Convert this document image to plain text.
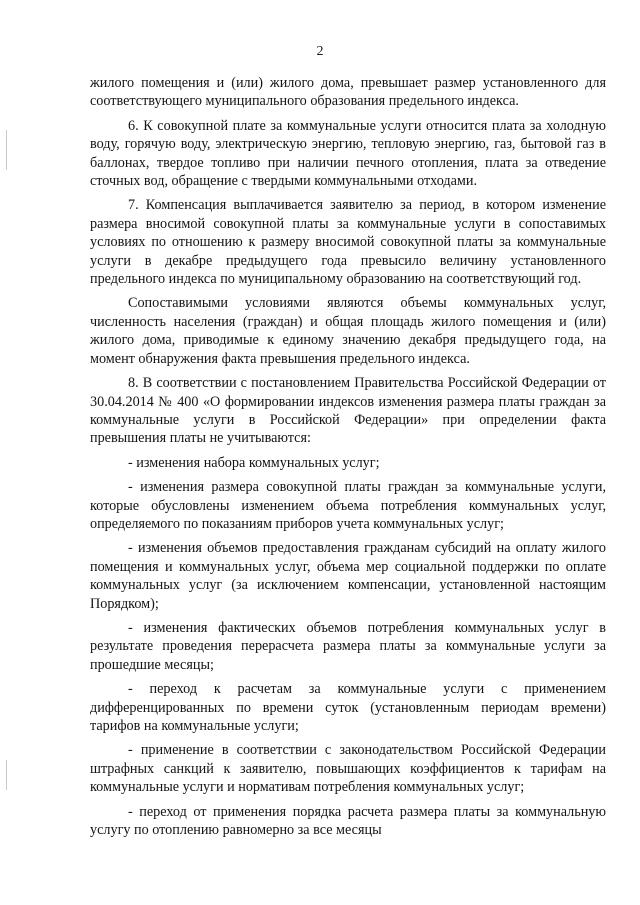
2

жилого помещения и (или) жилого дома, превышает размер установленного для соответствующего муниципального образования предельного индекса.

6. К совокупной плате за коммунальные услуги относится плата за холодную воду, горячую воду, электрическую энергию, тепловую энергию, газ, бытовой газ в баллонах, твердое топливо при наличии печного отопления, плата за отведение сточных вод, обращение с твердыми коммунальными отходами.

7. Компенсация выплачивается заявителю за период, в котором изменение размера вносимой совокупной платы за коммунальные услуги в сопоставимых условиях по отношению к размеру вносимой совокупной платы за коммунальные услуги в декабре предыдущего года превысило величину установленного предельного индекса по муниципальному образованию на соответствующий год.

Сопоставимыми условиями являются объемы коммунальных услуг, численность населения (граждан) и общая площадь жилого помещения и (или) жилого дома, приводимые к единому значению декабря предыдущего года, на момент обнаружения факта превышения предельного индекса.

8. В соответствии с постановлением Правительства Российской Федерации от 30.04.2014 № 400 «О формировании индексов изменения размера платы граждан за коммунальные услуги в Российской Федерации» при определении факта превышения платы не учитываются:

- изменения набора коммунальных услуг;

- изменения размера совокупной платы граждан за коммунальные услуги, которые обусловлены изменением объема потребления коммунальных услуг, определяемого по показаниям приборов учета коммунальных услуг;

- изменения объемов предоставления гражданам субсидий на оплату жилого помещения и коммунальных услуг, объема мер социальной поддержки по оплате коммунальных услуг (за исключением компенсации, установленной настоящим Порядком);

- изменения фактических объемов потребления коммунальных услуг в результате проведения перерасчета размера платы за коммунальные услуги за прошедшие месяцы;

- переход к расчетам за коммунальные услуги с применением дифференцированных по времени суток (установленным периодам времени) тарифов на коммунальные услуги;

- применение в соответствии с законодательством Российской Федерации штрафных санкций к заявителю, повышающих коэффициентов к тарифам на коммунальные услуги и нормативам потребления коммунальных услуг;

- переход от применения порядка расчета размера платы за коммунальную услугу по отоплению равномерно за все месяцы
